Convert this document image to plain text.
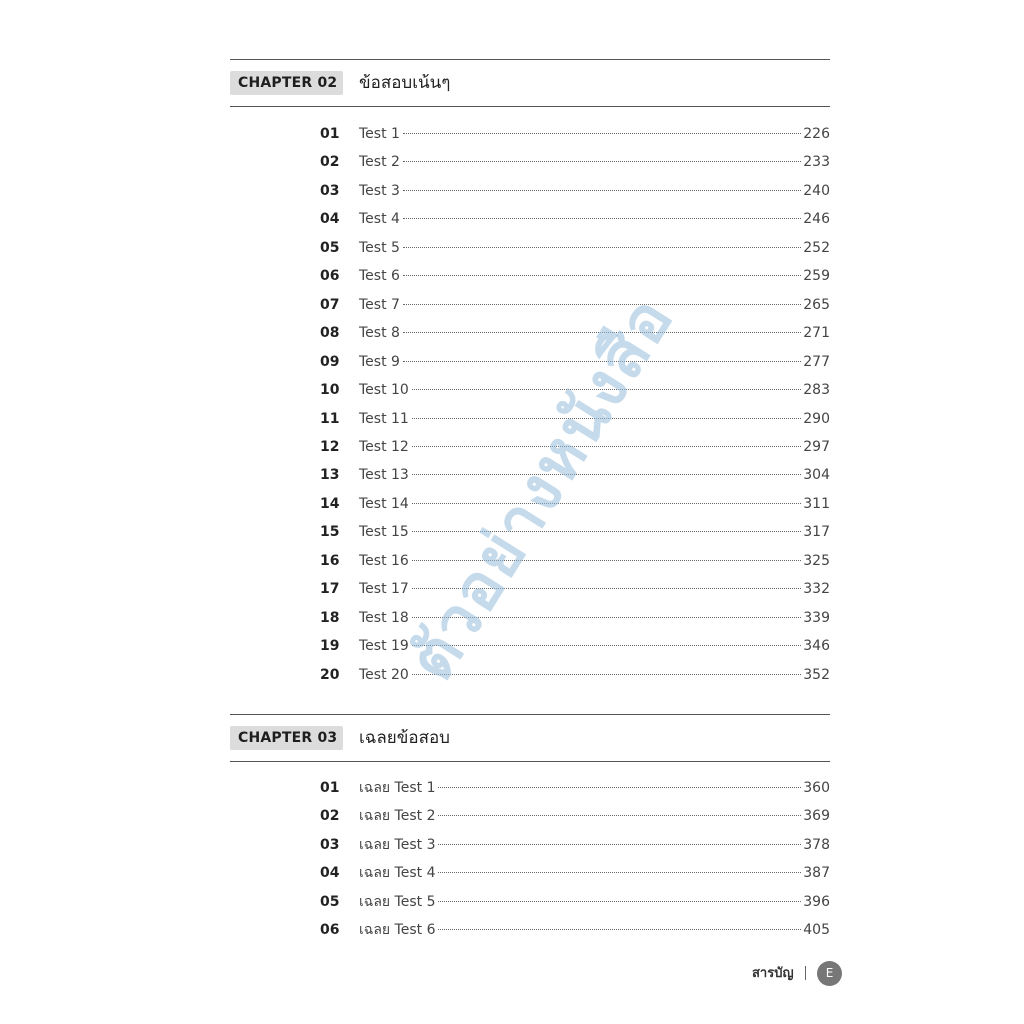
CHAPTER 02	ข้อสอบเน้นๆ
01	Test 1	226
02	Test 2	233
03	Test 3	240
04	Test 4	246
05	Test 5	252
06	Test 6	259
07	Test 7	265
08	Test 8	271
09	Test 9	277
10	Test 10	283
11	Test 11	290
12	Test 12	297
13	Test 13	304
14	Test 14	311
15	Test 15	317
16	Test 16	325
17	Test 17	332
18	Test 18	339
19	Test 19	346
20	Test 20	352
CHAPTER 03	เฉลยข้อสอบ
01	เฉลย Test 1	360
02	เฉลย Test 2	369
03	เฉลย Test 3	378
04	เฉลย Test 4	387
05	เฉลย Test 5	396
06	เฉลย Test 6	405
ตัวอย่างหนังสือ
สารบัญ	E
